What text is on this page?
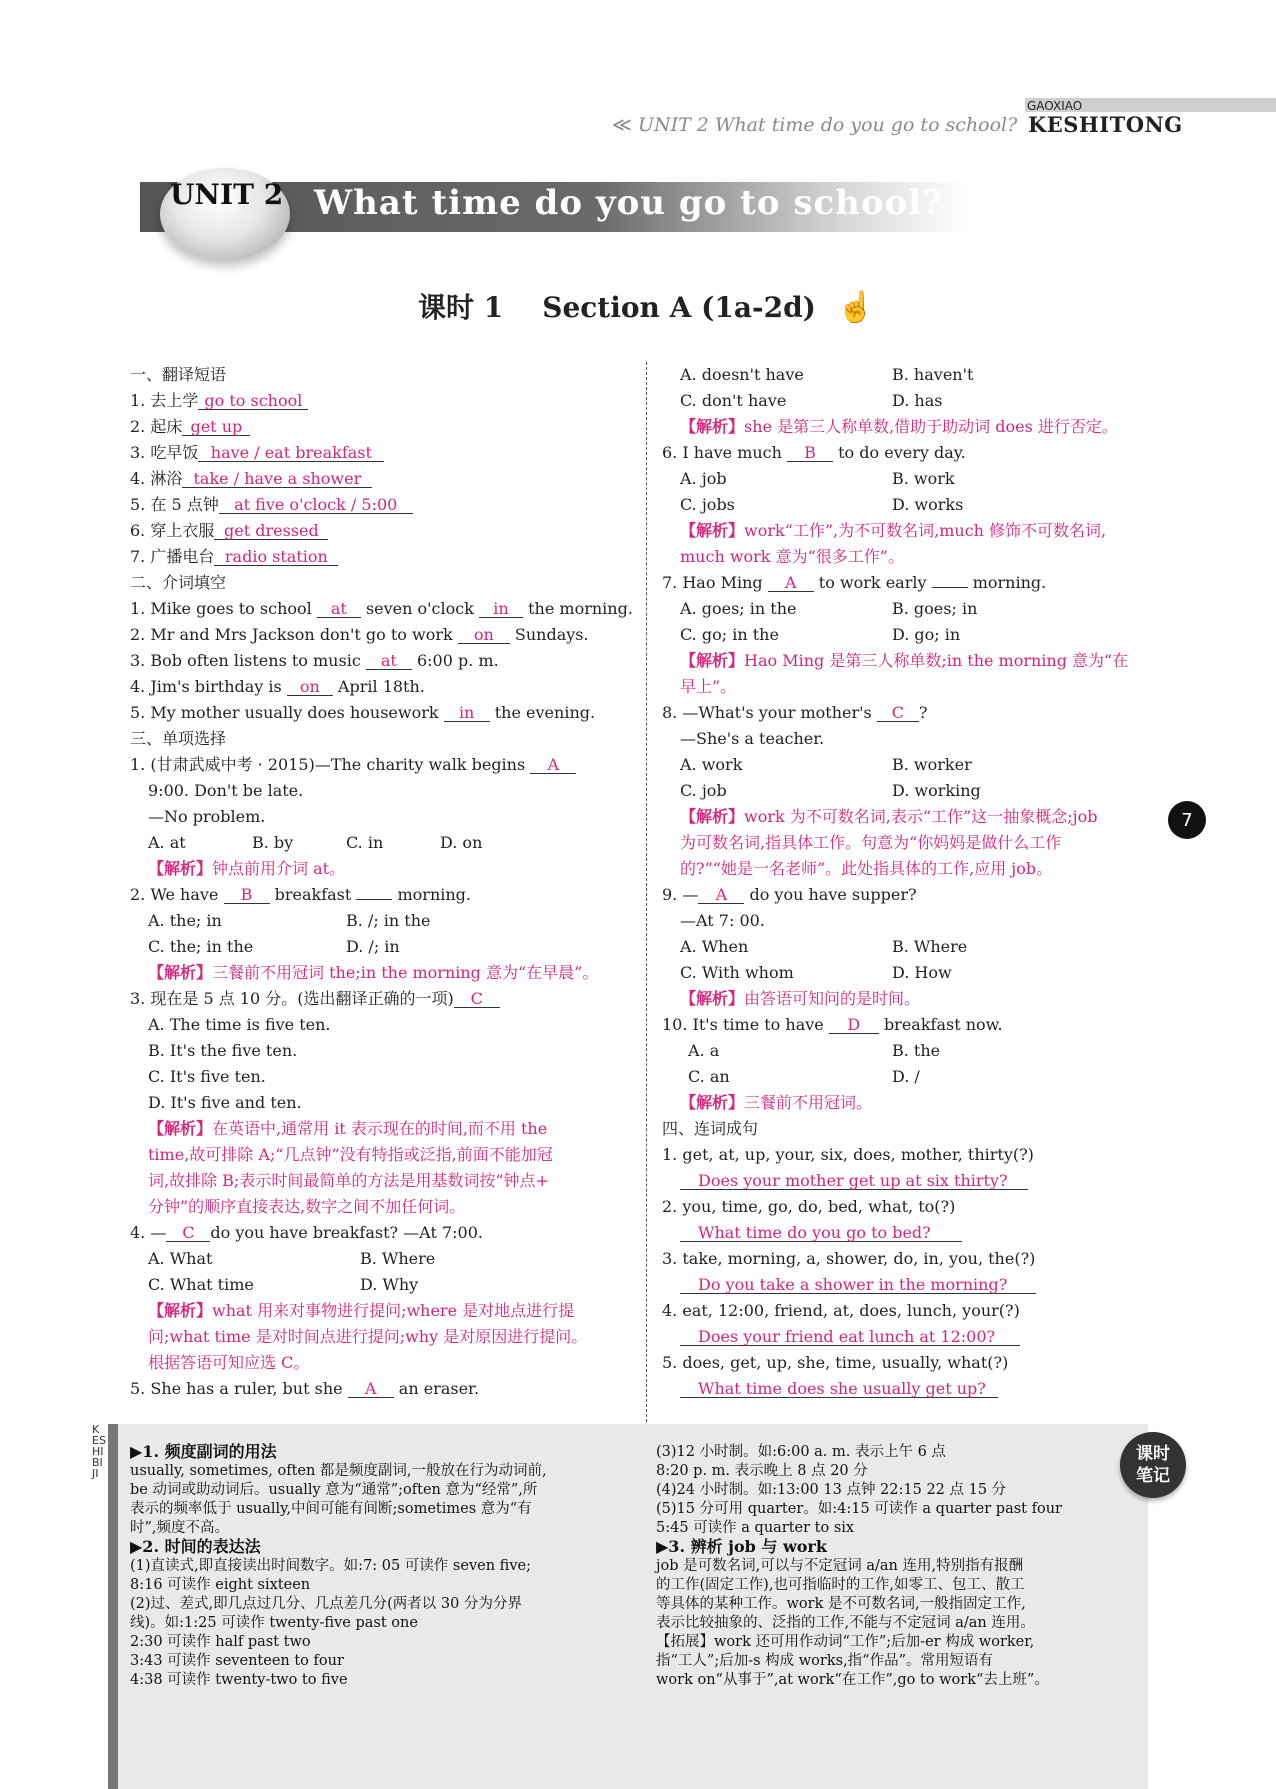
GAOXIAO
KESHITONG
≪ UNIT 2 What time do you go to school?
UNIT 2 What time do you go to school?
课时 1    Section A (1a-2d) ☝
7
一、翻译短语
1. 去上学 go to school
2. 起床 get up
3. 吃早饭 have / eat breakfast
4. 淋浴 take / have a shower
5. 在 5 点钟 at five o'clock / 5:00
6. 穿上衣服 get dressed
7. 广播电台 radio station
二、介词填空
1. Mike goes to school at seven o'clock in the morning.
2. Mr and Mrs Jackson don't go to work on Sundays.
3. Bob often listens to music at 6:00 p. m.
4. Jim's birthday is on April 18th.
5. My mother usually does housework in the evening.
三、单项选择
1. (甘肃武威中考 · 2015)—The charity walk begins A
9:00. Don't be late.
—No problem.
A. at	B. by	C. in	D. on
【解析】钟点前用介词 at。
2. We have B breakfast	morning.
A. the; in	B. /; in the
C. the; in the	D. /; in
【解析】三餐前不用冠词 the;in the morning 意为“在早晨”。
3. 现在是 5 点 10 分。(选出翻译正确的一项) C
A. The time is five ten.
B. It's the five ten.
C. It's five ten.
D. It's five and ten.
【解析】在英语中,通常用 it 表示现在的时间,而不用 the
time,故可排除 A;“几点钟”没有特指或泛指,前面不能加冠
词,故排除 B;表示时间最简单的方法是用基数词按“钟点+
分钟”的顺序直接表达,数字之间不加任何词。
4. — C do you have breakfast? —At 7:00.
A. What	B. Where
C. What time	D. Why
【解析】what 用来对事物进行提问;where 是对地点进行提
问;what time 是对时间点进行提问;why 是对原因进行提问。
根据答语可知应选 C。
5. She has a ruler, but she A an eraser.
A. doesn't have	B. haven't
C. don't have	D. has
【解析】she 是第三人称单数,借助于助动词 does 进行否定。
6. I have much B to do every day.
A. job	B. work
C. jobs	D. works
【解析】work“工作”,为不可数名词,much 修饰不可数名词,
much work 意为“很多工作”。
7. Hao Ming A to work early	morning.
A. goes; in the	B. goes; in
C. go; in the	D. go; in
【解析】Hao Ming 是第三人称单数;in the morning 意为“在
早上”。
8. —What's your mother's C ?
—She's a teacher.
A. work	B. worker
C. job	D. working
【解析】work 为不可数名词,表示“工作”这一抽象概念;job
为可数名词,指具体工作。句意为“你妈妈是做什么工作
的?”“她是一名老师”。此处指具体的工作,应用 job。
9. — A do you have supper?
—At 7: 00.
A. When	B. Where
C. With whom	D. How
【解析】由答语可知问的是时间。
10. It's time to have D breakfast now.
A. a	B. the
C. an	D. /
【解析】三餐前不用冠词。
四、连词成句
1. get, at, up, your, six, does, mother, thirty(?)
Does your mother get up at six thirty?
2. you, time, go, do, bed, what, to(?)
What time do you go to bed?
3. take, morning, a, shower, do, in, you, the(?)
Do you take a shower in the morning?
4. eat, 12:00, friend, at, does, lunch, your(?)
Does your friend eat lunch at 12:00?
5. does, get, up, she, time, usually, what(?)
What time does she usually get up?
KESHIBIJI
课时
笔记
▶1. 频度副词的用法
usually, sometimes, often 都是频度副词,一般放在行为动词前,
be 动词或助动词后。usually 意为“通常”;often 意为“经常”,所
表示的频率低于 usually,中间可能有间断;sometimes 意为“有
时”,频度不高。
▶2. 时间的表达法
(1)直读式,即直接读出时间数字。如:7: 05 可读作 seven five;
8:16 可读作 eight sixteen
(2)过、差式,即几点过几分、几点差几分(两者以 30 分为分界
线)。如:1:25 可读作 twenty-five past one
2:30 可读作 half past two
3:43 可读作 seventeen to four
4:38 可读作 twenty-two to five
(3)12 小时制。如:6:00 a. m. 表示上午 6 点
8:20 p. m. 表示晚上 8 点 20 分
(4)24 小时制。如:13:00 13 点钟 22:15 22 点 15 分
(5)15 分可用 quarter。如:4:15 可读作 a quarter past four
5:45 可读作 a quarter to six
▶3. 辨析 job 与 work
job 是可数名词,可以与不定冠词 a/an 连用,特别指有报酬
的工作(固定工作),也可指临时的工作,如零工、包工、散工
等具体的某种工作。work 是不可数名词,一般指固定工作,
表示比较抽象的、泛指的工作,不能与不定冠词 a/an 连用。
【拓展】work 还可用作动词“工作”;后加-er 构成 worker,
指“工人”;后加-s 构成 works,指“作品”。常用短语有
work on“从事于”,at work“在工作”,go to work“去上班”。
